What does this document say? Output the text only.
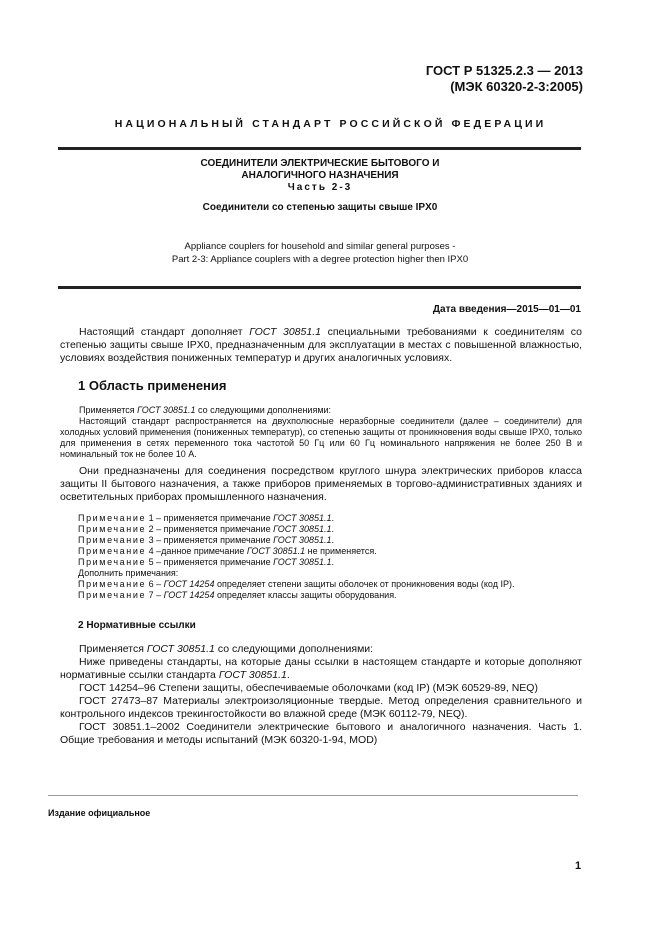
ГОСТ Р 51325.2.3 — 2013
(МЭК 60320-2-3:2005)
НАЦИОНАЛЬНЫЙ СТАНДАРТ РОССИЙСКОЙ ФЕДЕРАЦИИ
СОЕДИНИТЕЛИ ЭЛЕКТРИЧЕСКИЕ БЫТОВОГО И
АНАЛОГИЧНОГО НАЗНАЧЕНИЯ
Часть 2-3
Соединители со степенью защиты свыше IPX0
Appliance couplers for household and similar general purposes -
Part 2-3: Appliance couplers with a degree protection higher then IPX0
Дата введения—2015—01—01
Настоящий стандарт дополняет ГОСТ 30851.1 специальными требованиями к соединителям со степенью защиты свыше IPX0, предназначенным для эксплуатации в местах с повышенной влажностью, условиях воздействия пониженных температур и других аналогичных условиях.
1 Область применения
Применяется ГОСТ 30851.1 со следующими дополнениями:
Настоящий стандарт распространяется на двухполюсные неразборные соединители (далее – соединители) для холодных условий применения (пониженных температур), со степенью защиты от проникновения воды свыше IPX0, только для применения в сетях переменного тока частотой 50 Гц или 60 Гц номинального напряжения не более 250 В и номинальный ток не более 10 А.
Они предназначены для соединения посредством круглого шнура электрических приборов класса защиты II бытового назначения, а также приборов применяемых в торгово-административных зданиях и осветительных приборах промышленного назначения.
Примечание 1 – применяется примечание ГОСТ 30851.1.
Примечание 2 – применяется примечание ГОСТ 30851.1.
Примечание 3 – применяется примечание ГОСТ 30851.1.
Примечание 4 –данное примечание ГОСТ 30851.1 не применяется.
Примечание 5 – применяется примечание ГОСТ 30851.1.
Дополнить примечания:
Примечание 6 – ГОСТ 14254 определяет степени защиты оболочек от проникновения воды (код IP).
Примечание 7 – ГОСТ 14254 определяет классы защиты оборудования.
2 Нормативные ссылки
Применяется ГОСТ 30851.1 со следующими дополнениями:
Ниже приведены стандарты, на которые даны ссылки в настоящем стандарте и которые дополняют нормативные ссылки стандарта ГОСТ 30851.1.
ГОСТ 14254–96 Степени защиты, обеспечиваемые оболочками (код IP) (МЭК 60529-89, NEQ)
ГОСТ 27473–87 Материалы электроизоляционные твердые. Метод определения сравнительного и контрольного индексов трекингостойкости во влажной среде (МЭК 60112-79, NEQ).
ГОСТ 30851.1–2002 Соединители электрические бытового и аналогичного назначения. Часть 1. Общие требования и методы испытаний (МЭК 60320-1-94, MOD)
Издание официальное
1
